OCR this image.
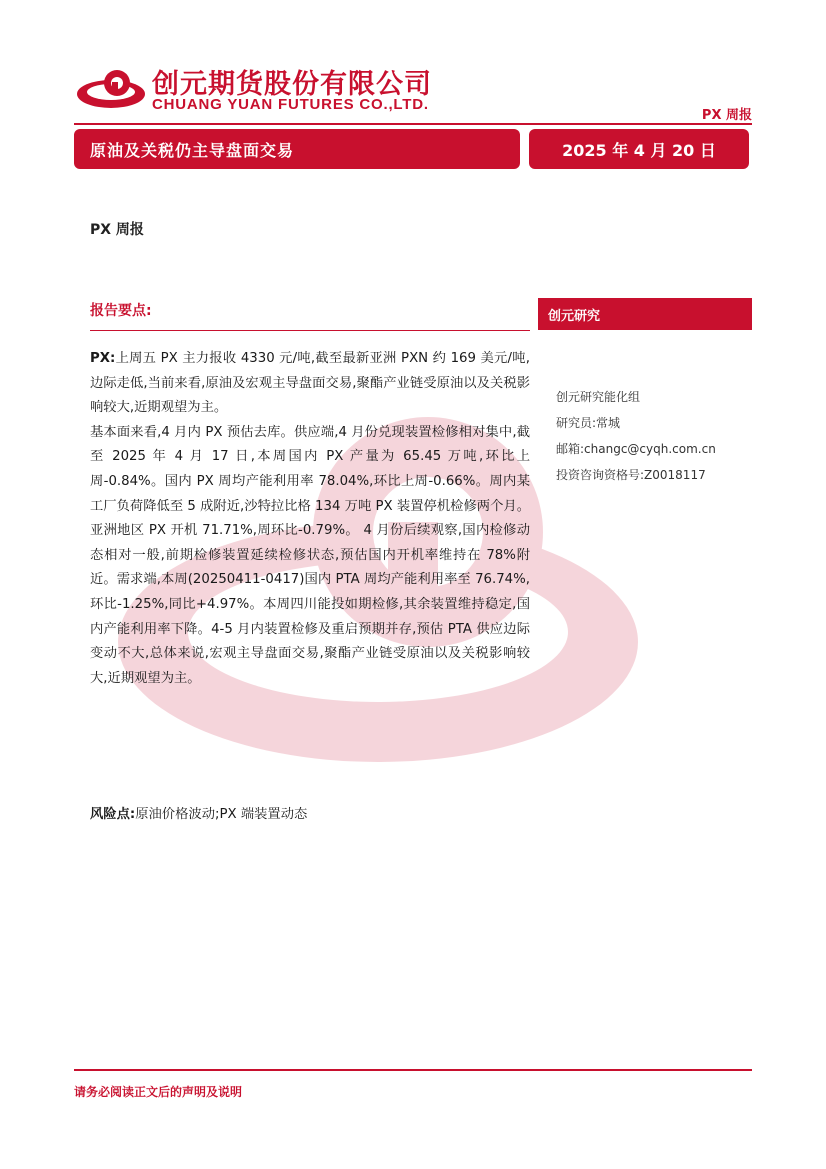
创元期货股份有限公司
CHUANG YUAN FUTURES CO.,LTD.
PX 周报
原油及关税仍主导盘面交易	2025 年 4 月 20 日
PX 周报
报告要点:	创元研究
创元研究能化组
研究员:常城
邮箱:changc@cyqh.com.cn
投资咨询资格号:Z0018117

PX:上周五 PX 主力报收 4330 元/吨,截至最新亚洲 PXN 约 169 美元/吨,边际走低,当前来看,原油及宏观主导盘面交易,聚酯产业链受原油以及关税影响较大,近期观望为主。

基本面来看,4 月内 PX 预估去库。供应端,4 月份兑现装置检修相对集中,截至 2025 年 4 月 17 日,本周国内 PX 产量为 65.45 万吨,环比上周-0.84%。国内 PX 周均产能利用率 78.04%,环比上周-0.66%。周内某工厂负荷降低至 5 成附近,沙特拉比格 134 万吨 PX 装置停机检修两个月。亚洲地区 PX 开机 71.71%,周环比-0.79%。 4 月份后续观察,国内检修动态相对一般,前期检修装置延续检修状态,预估国内开机率维持在 78%附近。需求端,本周(20250411-0417)国内 PTA 周均产能利用率至 76.74%,环比-1.25%,同比+4.97%。本周四川能投如期检修,其余装置维持稳定,国内产能利用率下降。4-5 月内装置检修及重启预期并存,预估 PTA 供应边际变动不大,总体来说,宏观主导盘面交易,聚酯产业链受原油以及关税影响较大,近期观望为主。

风险点:原油价格波动;PX 端装置动态
请务必阅读正文后的声明及说明
